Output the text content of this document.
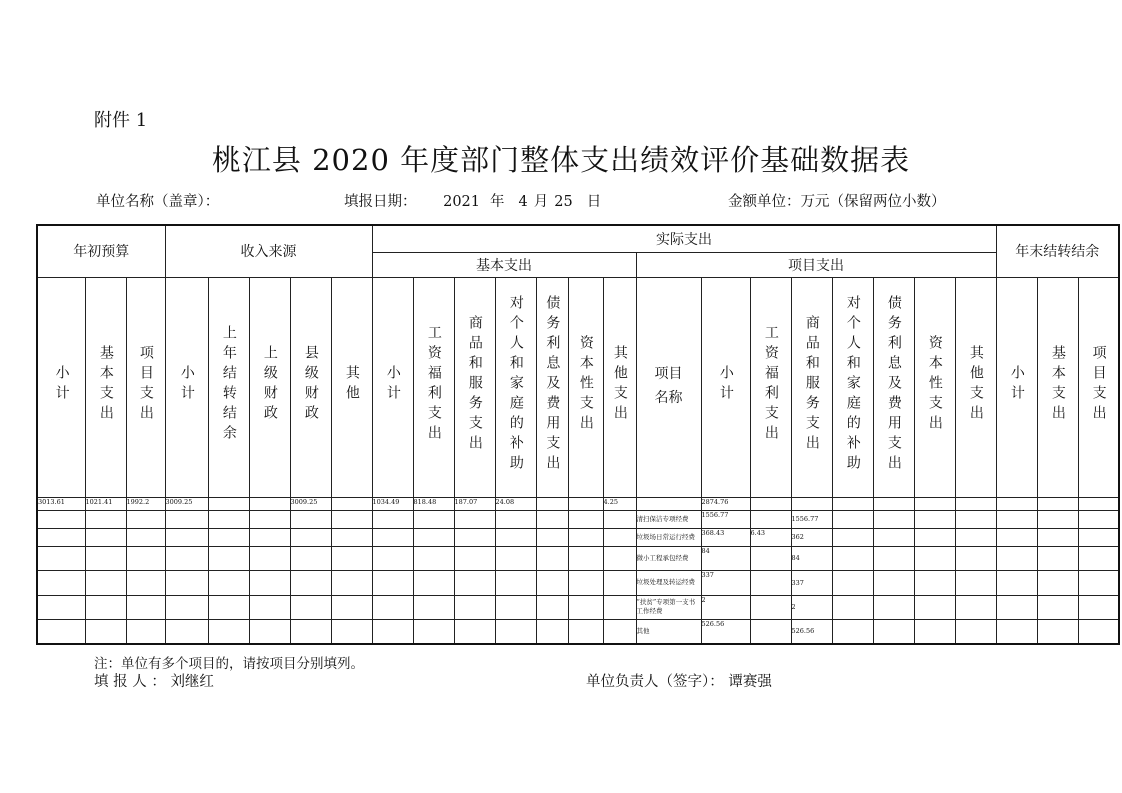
附件 1
桃江县 2020 年度部门整体支出绩效评价基础数据表
单位名称（盖章）：	填报日期： 2021 年 4 月 25 日	金额单位：万元（保留两位小数）
年初预算			收入来源					实际支出															年末结转结余		
								基本支出							项目支出										
小计	基本支出	项目支出	小计	上年结转结余	上级财政	县级财政	其他	小计	工资福利支出	商品和服务支出	对个人和家庭的补助	债务利息及费用支出	资本性支出	其他支出	项目名称	小计	工资福利支出	商品和服务支出	对个人和家庭的补助	债务利息及费用支出	资本性支出	其他支出	小计	基本支出	项目支出
3013.61	1021.41	1992.2	3009.25			3009.25		1034.49	818.48	187.07	24.08			4.25		2874.76									
															清扫保洁专项经费	1556.77		1556.77							
															垃圾场日常运行经费	368.43	6.43	362							
															微小工程承包经费	84		84							
															垃圾处理及转运经费	337		337							
															“扶贫”专项第一支书工作经费	2		2							
															其他	526.56		526.56							
注：单位有多个项目的，请按项目分别填列。
填 报 人 ： 刘继红	单位负责人（签字）： 谭赛强
